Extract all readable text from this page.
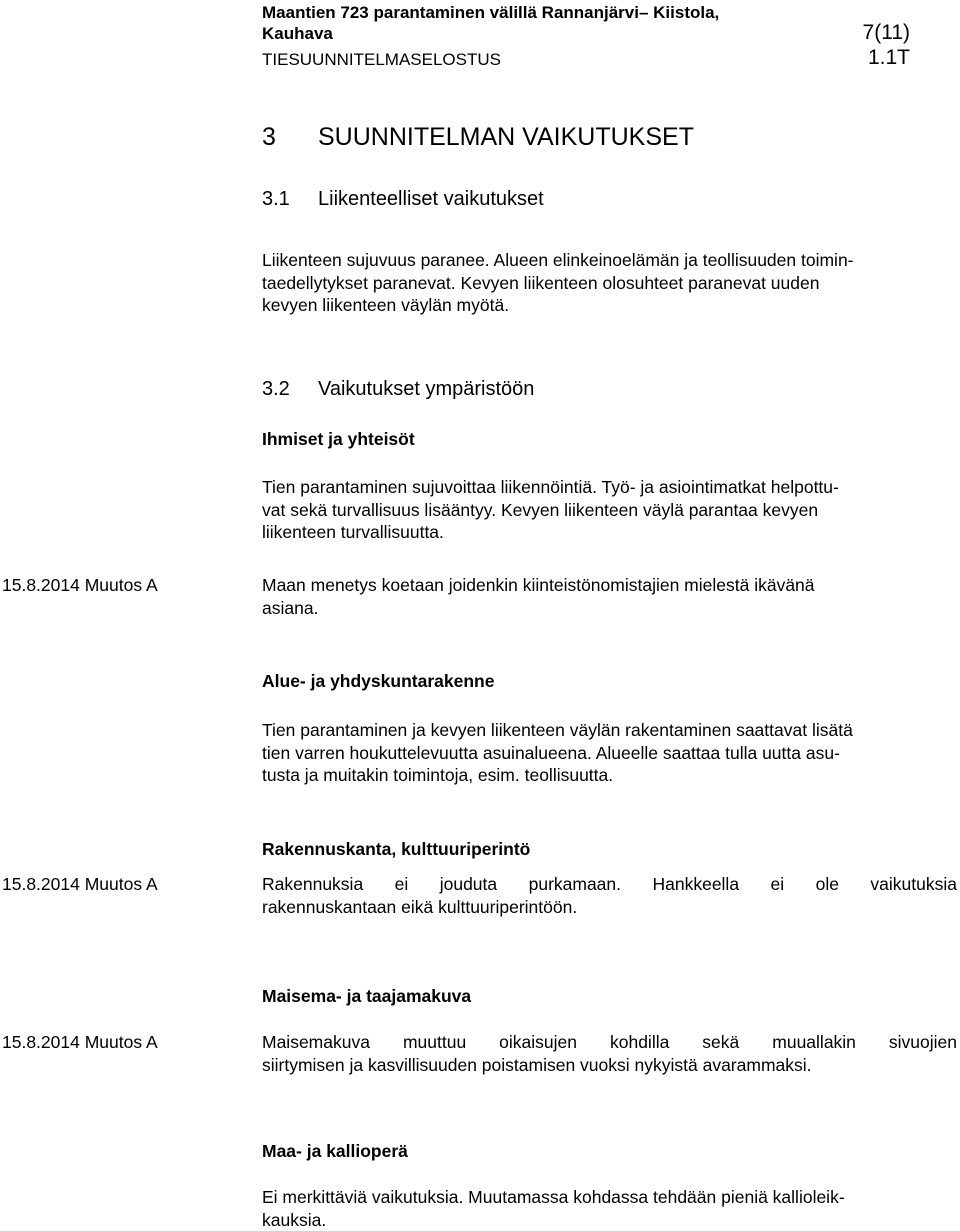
Maantien 723 parantaminen välillä Rannanjärvi– Kiistola,
Kauhava
TIESUUNNITELMASELOSTUS
7(11)
1.1T
3 SUUNNITELMAN VAIKUTUKSET
3.1 Liikenteelliset vaikutukset
Liikenteen sujuvuus paranee. Alueen elinkeinoelämän ja teollisuuden toimin-
taedellytykset paranevat. Kevyen liikenteen olosuhteet paranevat uuden
kevyen liikenteen väylän myötä.
3.2 Vaikutukset ympäristöön
Ihmiset ja yhteisöt
Tien parantaminen sujuvoittaa liikennöintiä. Työ- ja asiointimatkat helpottu-
vat sekä turvallisuus lisääntyy. Kevyen liikenteen väylä parantaa kevyen
liikenteen turvallisuutta.
15.8.2014 Muutos A	Maan menetys koetaan joidenkin kiinteistönomistajien mielestä ikävänä
asiana.
Alue- ja yhdyskuntarakenne
Tien parantaminen ja kevyen liikenteen väylän rakentaminen saattavat lisätä
tien varren houkuttelevuutta asuinalueena. Alueelle saattaa tulla uutta asu-
tusta ja muitakin toimintoja, esim. teollisuutta.
Rakennuskanta, kulttuuriperintö
15.8.2014 Muutos A	Rakennuksia ei jouduta purkamaan. Hankkeella ei ole vaikutuksia
rakennuskantaan eikä kulttuuriperintöön.
Maisema- ja taajamakuva
15.8.2014 Muutos A	Maisemakuva muuttuu oikaisujen kohdilla sekä muuallakin sivuojien
siirtymisen ja kasvillisuuden poistamisen vuoksi nykyistä avarammaksi.
Maa- ja kallioperä
Ei merkittäviä vaikutuksia. Muutamassa kohdassa tehdään pieniä kallioleik-
kauksia.
